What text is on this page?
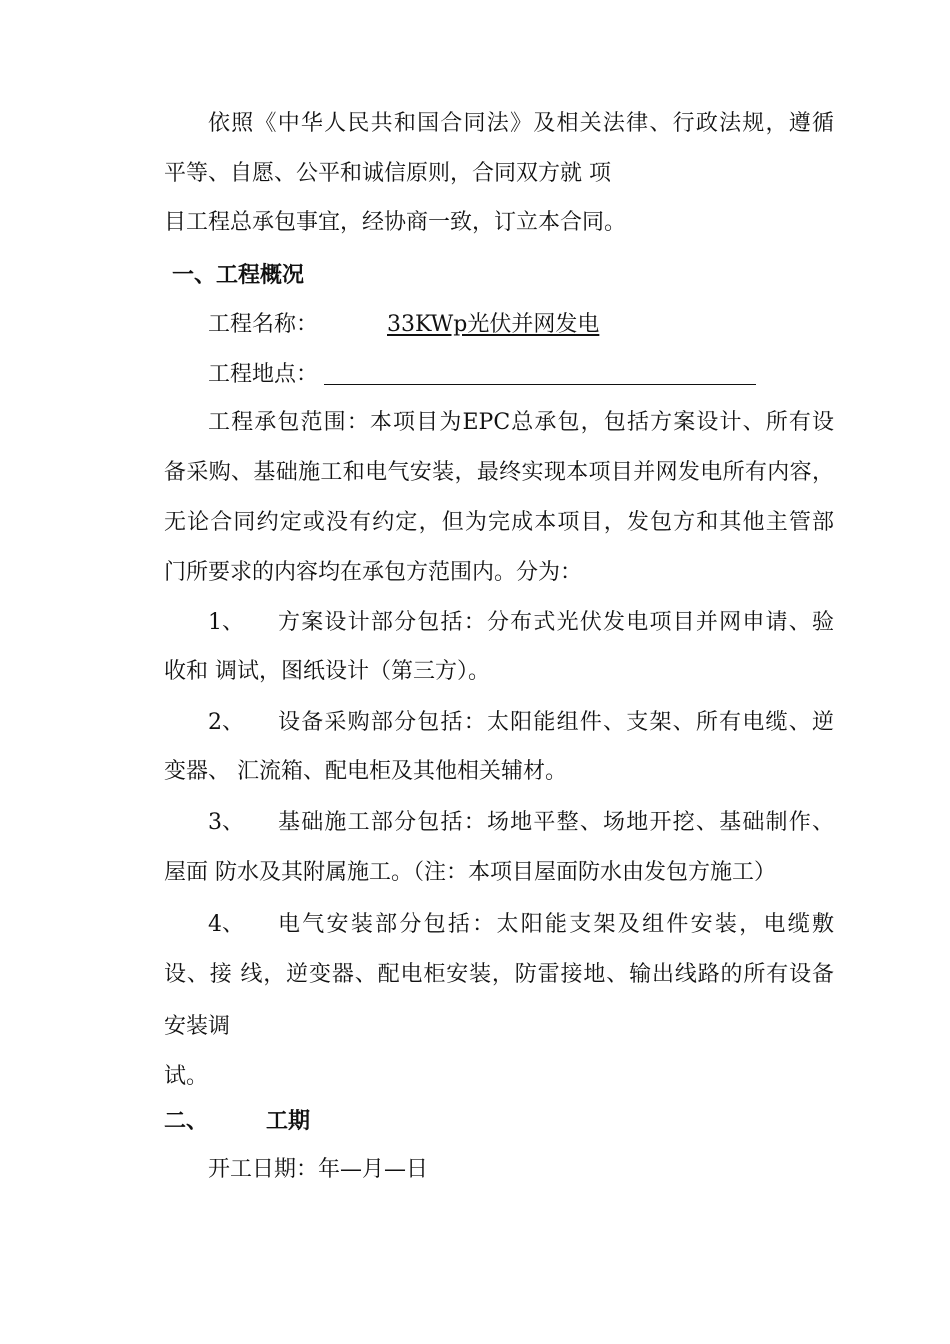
依照《中华人民共和国合同法》及相关法律、行政法规，遵循
平等、自愿、公平和诚信原则，合同双方就 项
目工程总承包事宜，经协商一致，订立本合同。
一、工程概况
工程名称：	33KWp光伏并网发电
工程地点：
工程承包范围：本项目为EPC总承包，包括方案设计、所有设
备采购、基础施工和电气安装，最终实现本项目并网发电所有内容，
无论合同约定或没有约定，但为完成本项目，发包方和其他主管部
门所要求的内容均在承包方范围内。分为：
1、 方案设计部分包括：分布式光伏发电项目并网申请、验
收和 调试，图纸设计（第三方）。
2、 设备采购部分包括：太阳能组件、支架、所有电缆、逆
变器、 汇流箱、配电柜及其他相关辅材。
3、 基础施工部分包括：场地平整、场地开挖、基础制作、
屋面 防水及其附属施工。（注：本项目屋面防水由发包方施工）
4、 电气安装部分包括：太阳能支架及组件安装，电缆敷
设、接 线，逆变器、配电柜安装，防雷接地、输出线路的所有设备
安装调
试。
二、	工期
开工日期：年—月—日
